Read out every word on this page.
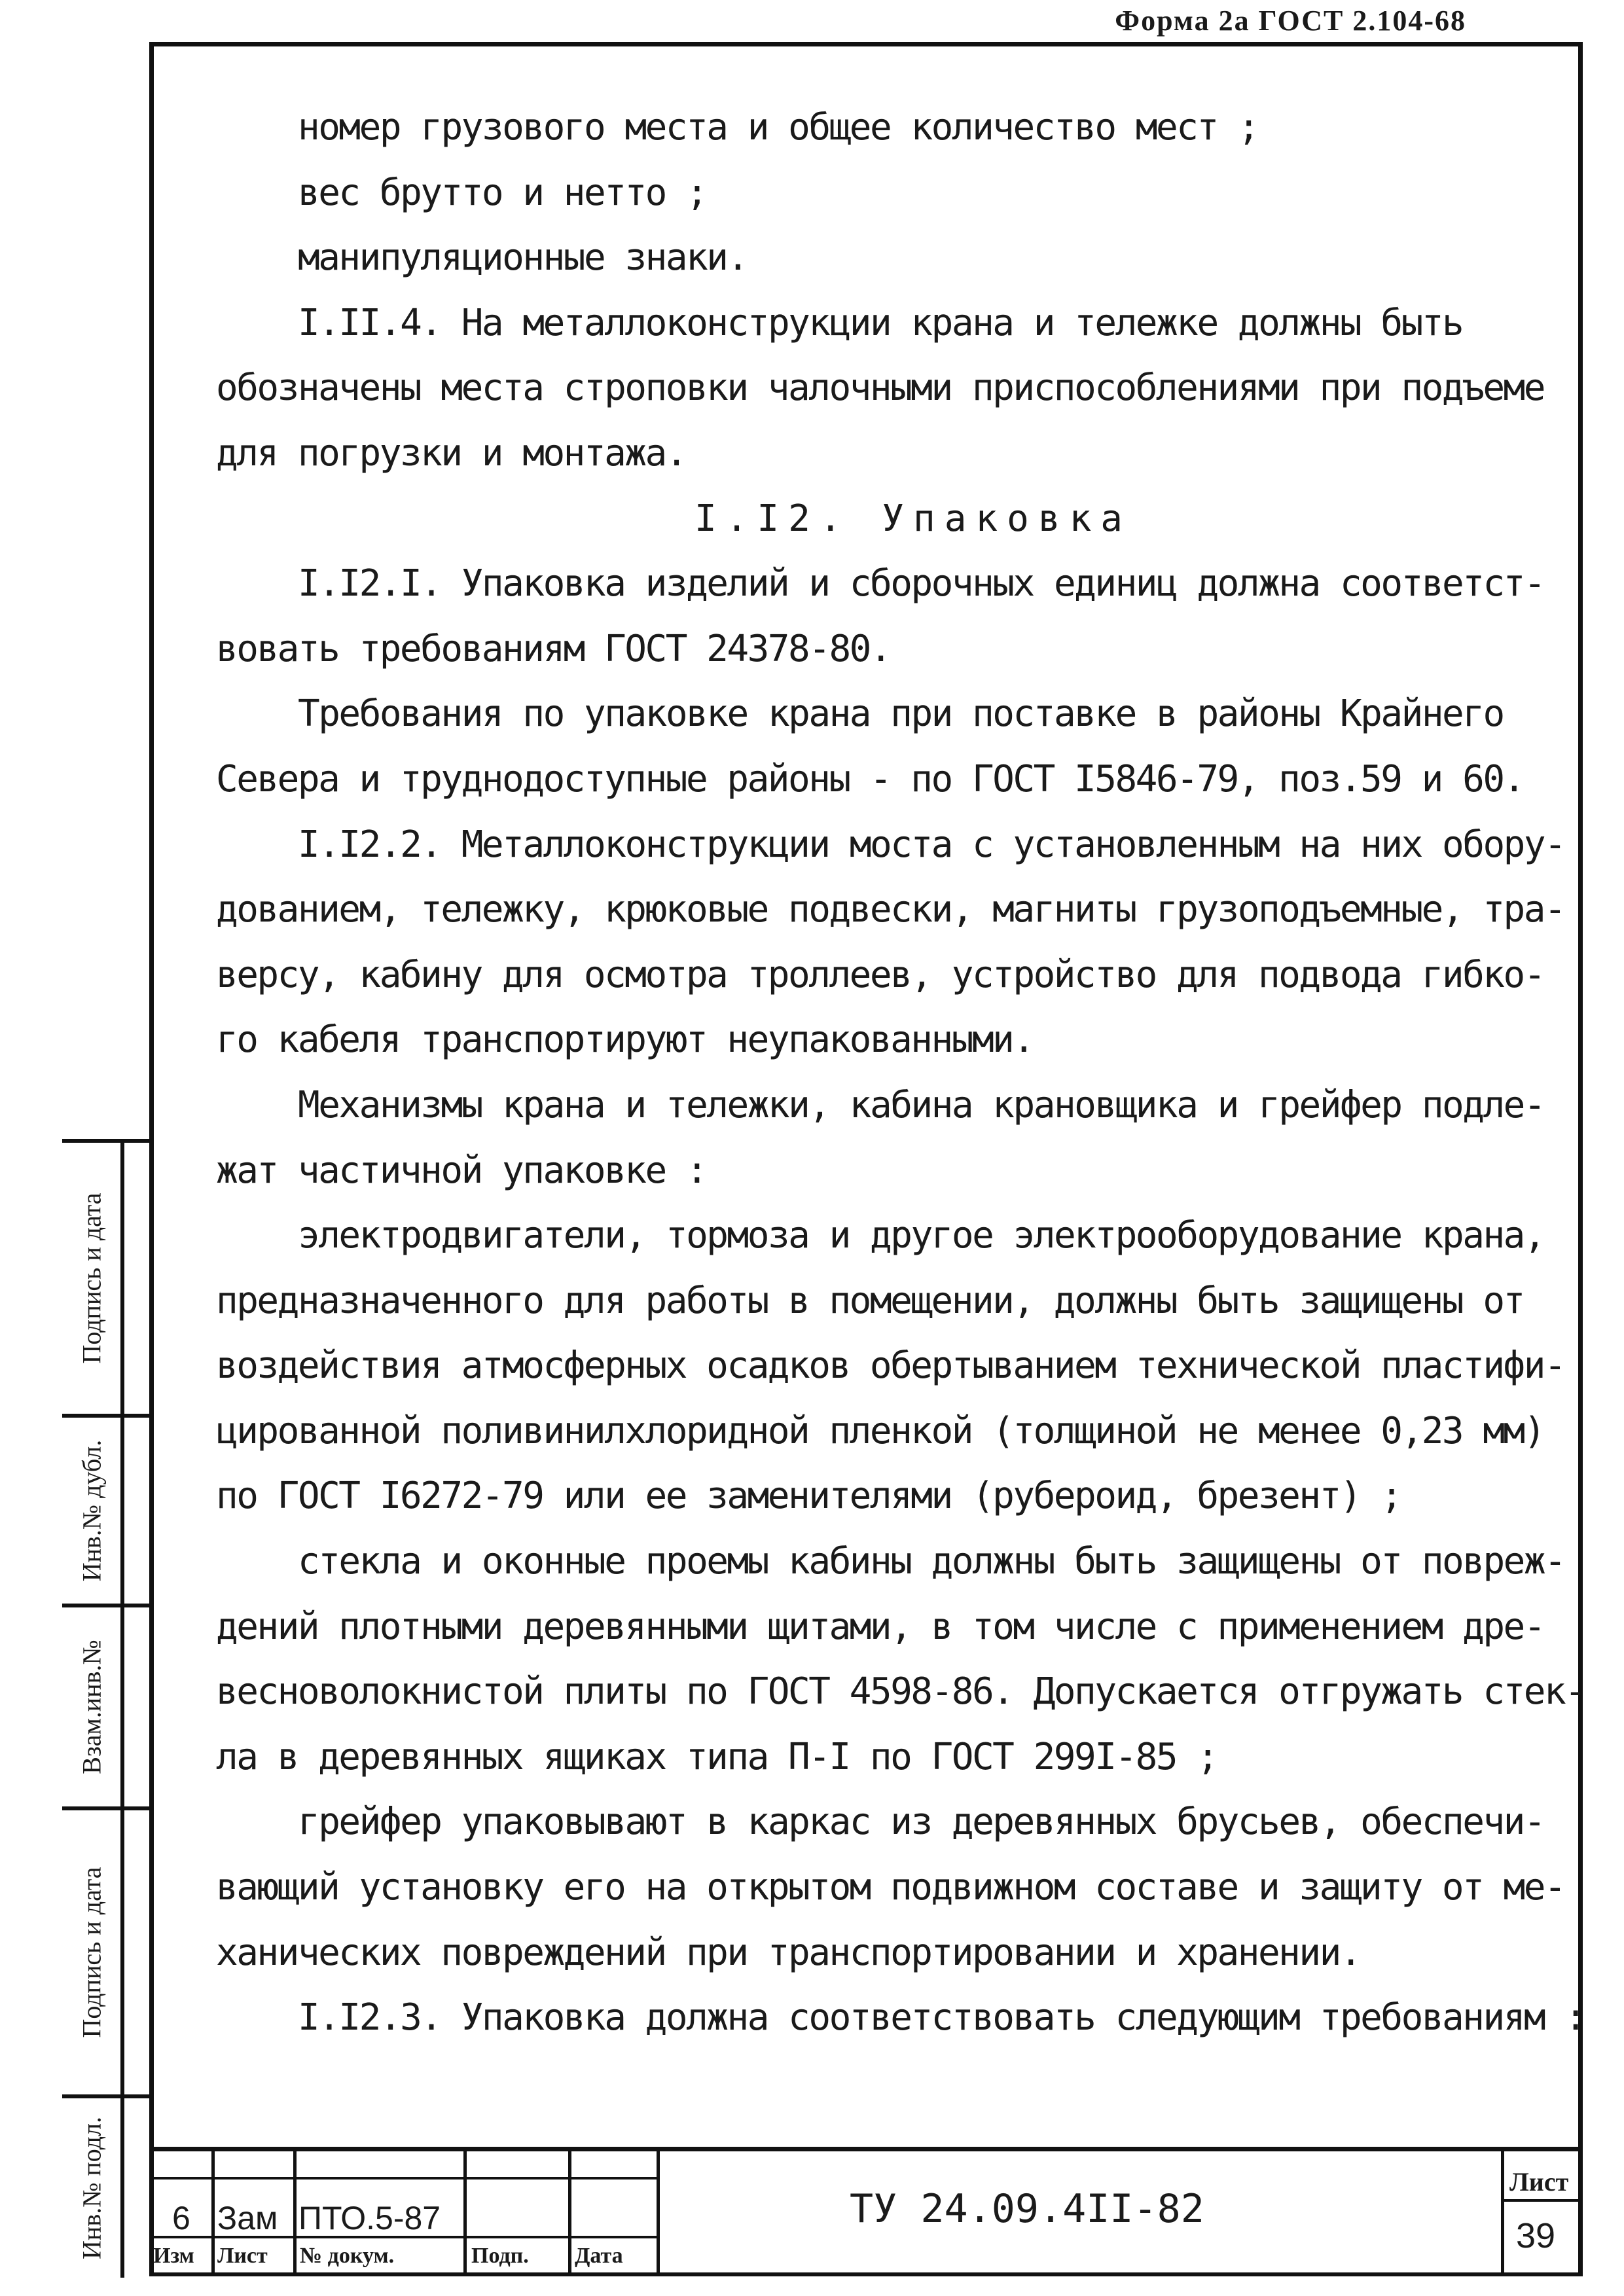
Форма 2а ГОСТ 2.104-68

номер грузового места и общее количество мест ;

вес брутто и нетто ;

манипуляционные знаки.

I.II.4. На металлоконструкции крана и тележке должны быть

обозначены места строповки чалочными приспособлениями при подъеме

для погрузки и монтажа.

I.I2. Упаковка

I.I2.I. Упаковка изделий и сборочных единиц должна соответст-

вовать требованиям ГОСТ 24378-80.

Требования по упаковке крана при поставке в районы Крайнего

Севера и труднодоступные районы - по ГОСТ I5846-79, поз.59 и 60.

I.I2.2. Металлоконструкции моста с установленным на них обору-

дованием, тележку, крюковые подвески, магниты грузоподъемные, тра-

версу, кабину для осмотра троллеев, устройство для подвода гибко-

го кабеля транспортируют неупакованными.

Механизмы крана и тележки, кабина крановщика и грейфер подле-

жат частичной упаковке :

электродвигатели, тормоза и другое электрооборудование крана,

предназначенного для работы в помещении, должны быть защищены от

воздействия атмосферных осадков обертыванием технической пластифи-

цированной поливинилхлоридной пленкой (толщиной не менее 0,23 мм)

по ГОСТ I6272-79 или ее заменителями (рубероид, брезент) ;

стекла и оконные проемы кабины должны быть защищены от повреж-

дений плотными деревянными щитами, в том числе с применением дре-

весноволокнистой плиты по ГОСТ 4598-86. Допускается отгружать стек-

ла в деревянных ящиках типа П-I по ГОСТ 299I-85 ;

грейфер упаковывают в каркас из деревянных брусьев, обеспечи-

вающий установку его на открытом подвижном составе и защиту от ме-

ханических повреждений при транспортировании и хранении.

I.I2.3. Упаковка должна соответствовать следующим требованиям :

Подпись и дата
Инв.№ дубл.
Взам.инв.№
Подпись и дата
Инв.№ подл. 6 Зам ПТО.5-87
Изм Лист № докум.	Подп. Дата
ТУ 24.09.4II-82
Лист
39
